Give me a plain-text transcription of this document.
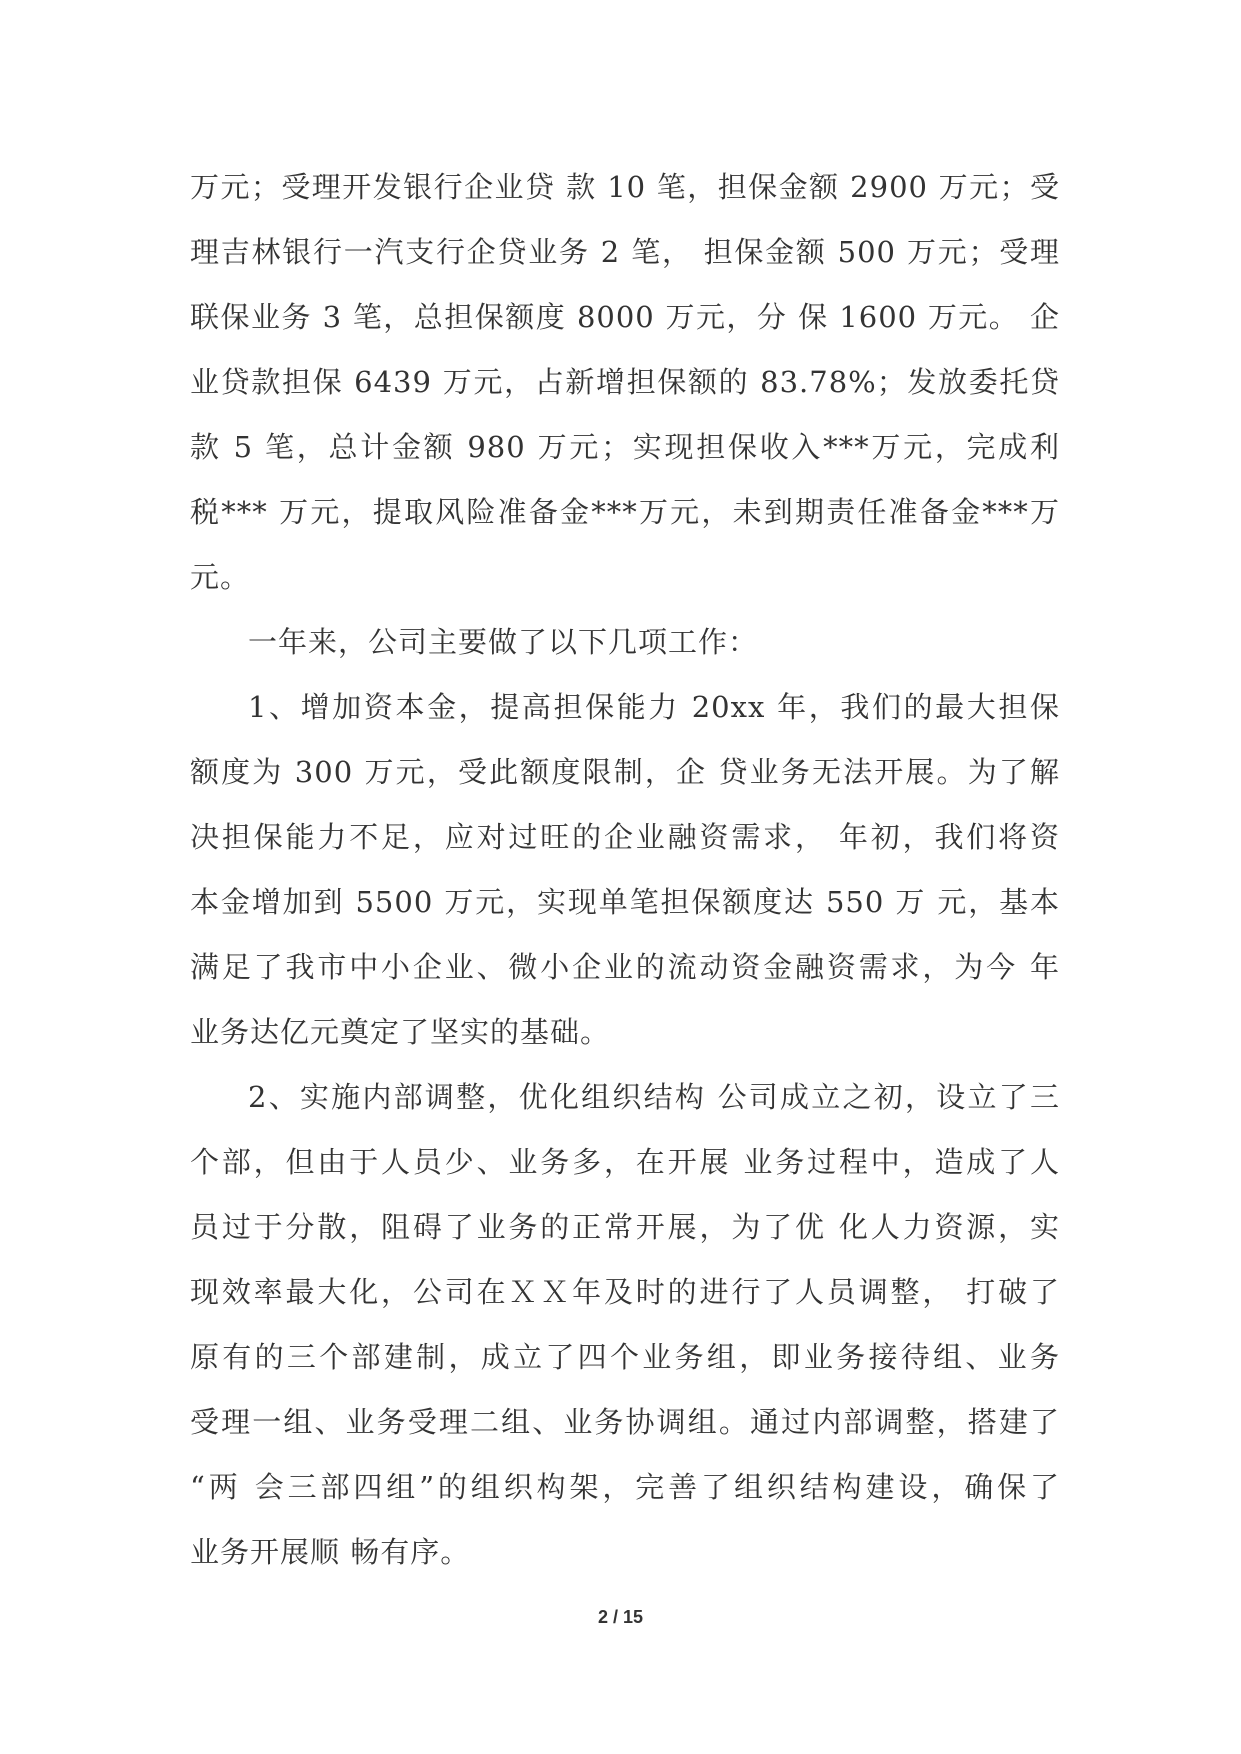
万元；受理开发银行企业贷 款 10 笔，担保金额 2900 万元；受
理吉林银行一汽支行企贷业务 2 笔， 担保金额 500 万元；受理
联保业务 3 笔，总担保额度 8000 万元，分 保 1600 万元。 企
业贷款担保 6439 万元，占新增担保额的 83.78%；发放委托贷
款 5 笔，总计金额 980 万元；实现担保收入***万元，完成利
税*** 万元，提取风险准备金***万元，未到期责任准备金***万
元。
一年来，公司主要做了以下几项工作：
1、增加资本金，提高担保能力 20xx 年，我们的最大担保
额度为 300 万元，受此额度限制，企 贷业务无法开展。为了解
决担保能力不足，应对过旺的企业融资需求， 年初，我们将资
本金增加到 5500 万元，实现单笔担保额度达 550 万 元，基本
满足了我市中小企业、微小企业的流动资金融资需求，为今 年
业务达亿元奠定了坚实的基础。
2、实施内部调整，优化组织结构 公司成立之初，设立了三
个部，但由于人员少、业务多，在开展 业务过程中，造成了人
员过于分散，阻碍了业务的正常开展，为了优 化人力资源，实
现效率最大化，公司在ＸＸ年及时的进行了人员调整， 打破了
原有的三个部建制，成立了四个业务组，即业务接待组、业务
受理一组、业务受理二组、业务协调组。通过内部调整，搭建了
“两 会三部四组”的组织构架，完善了组织结构建设，确保了
业务开展顺 畅有序。
2 / 15
